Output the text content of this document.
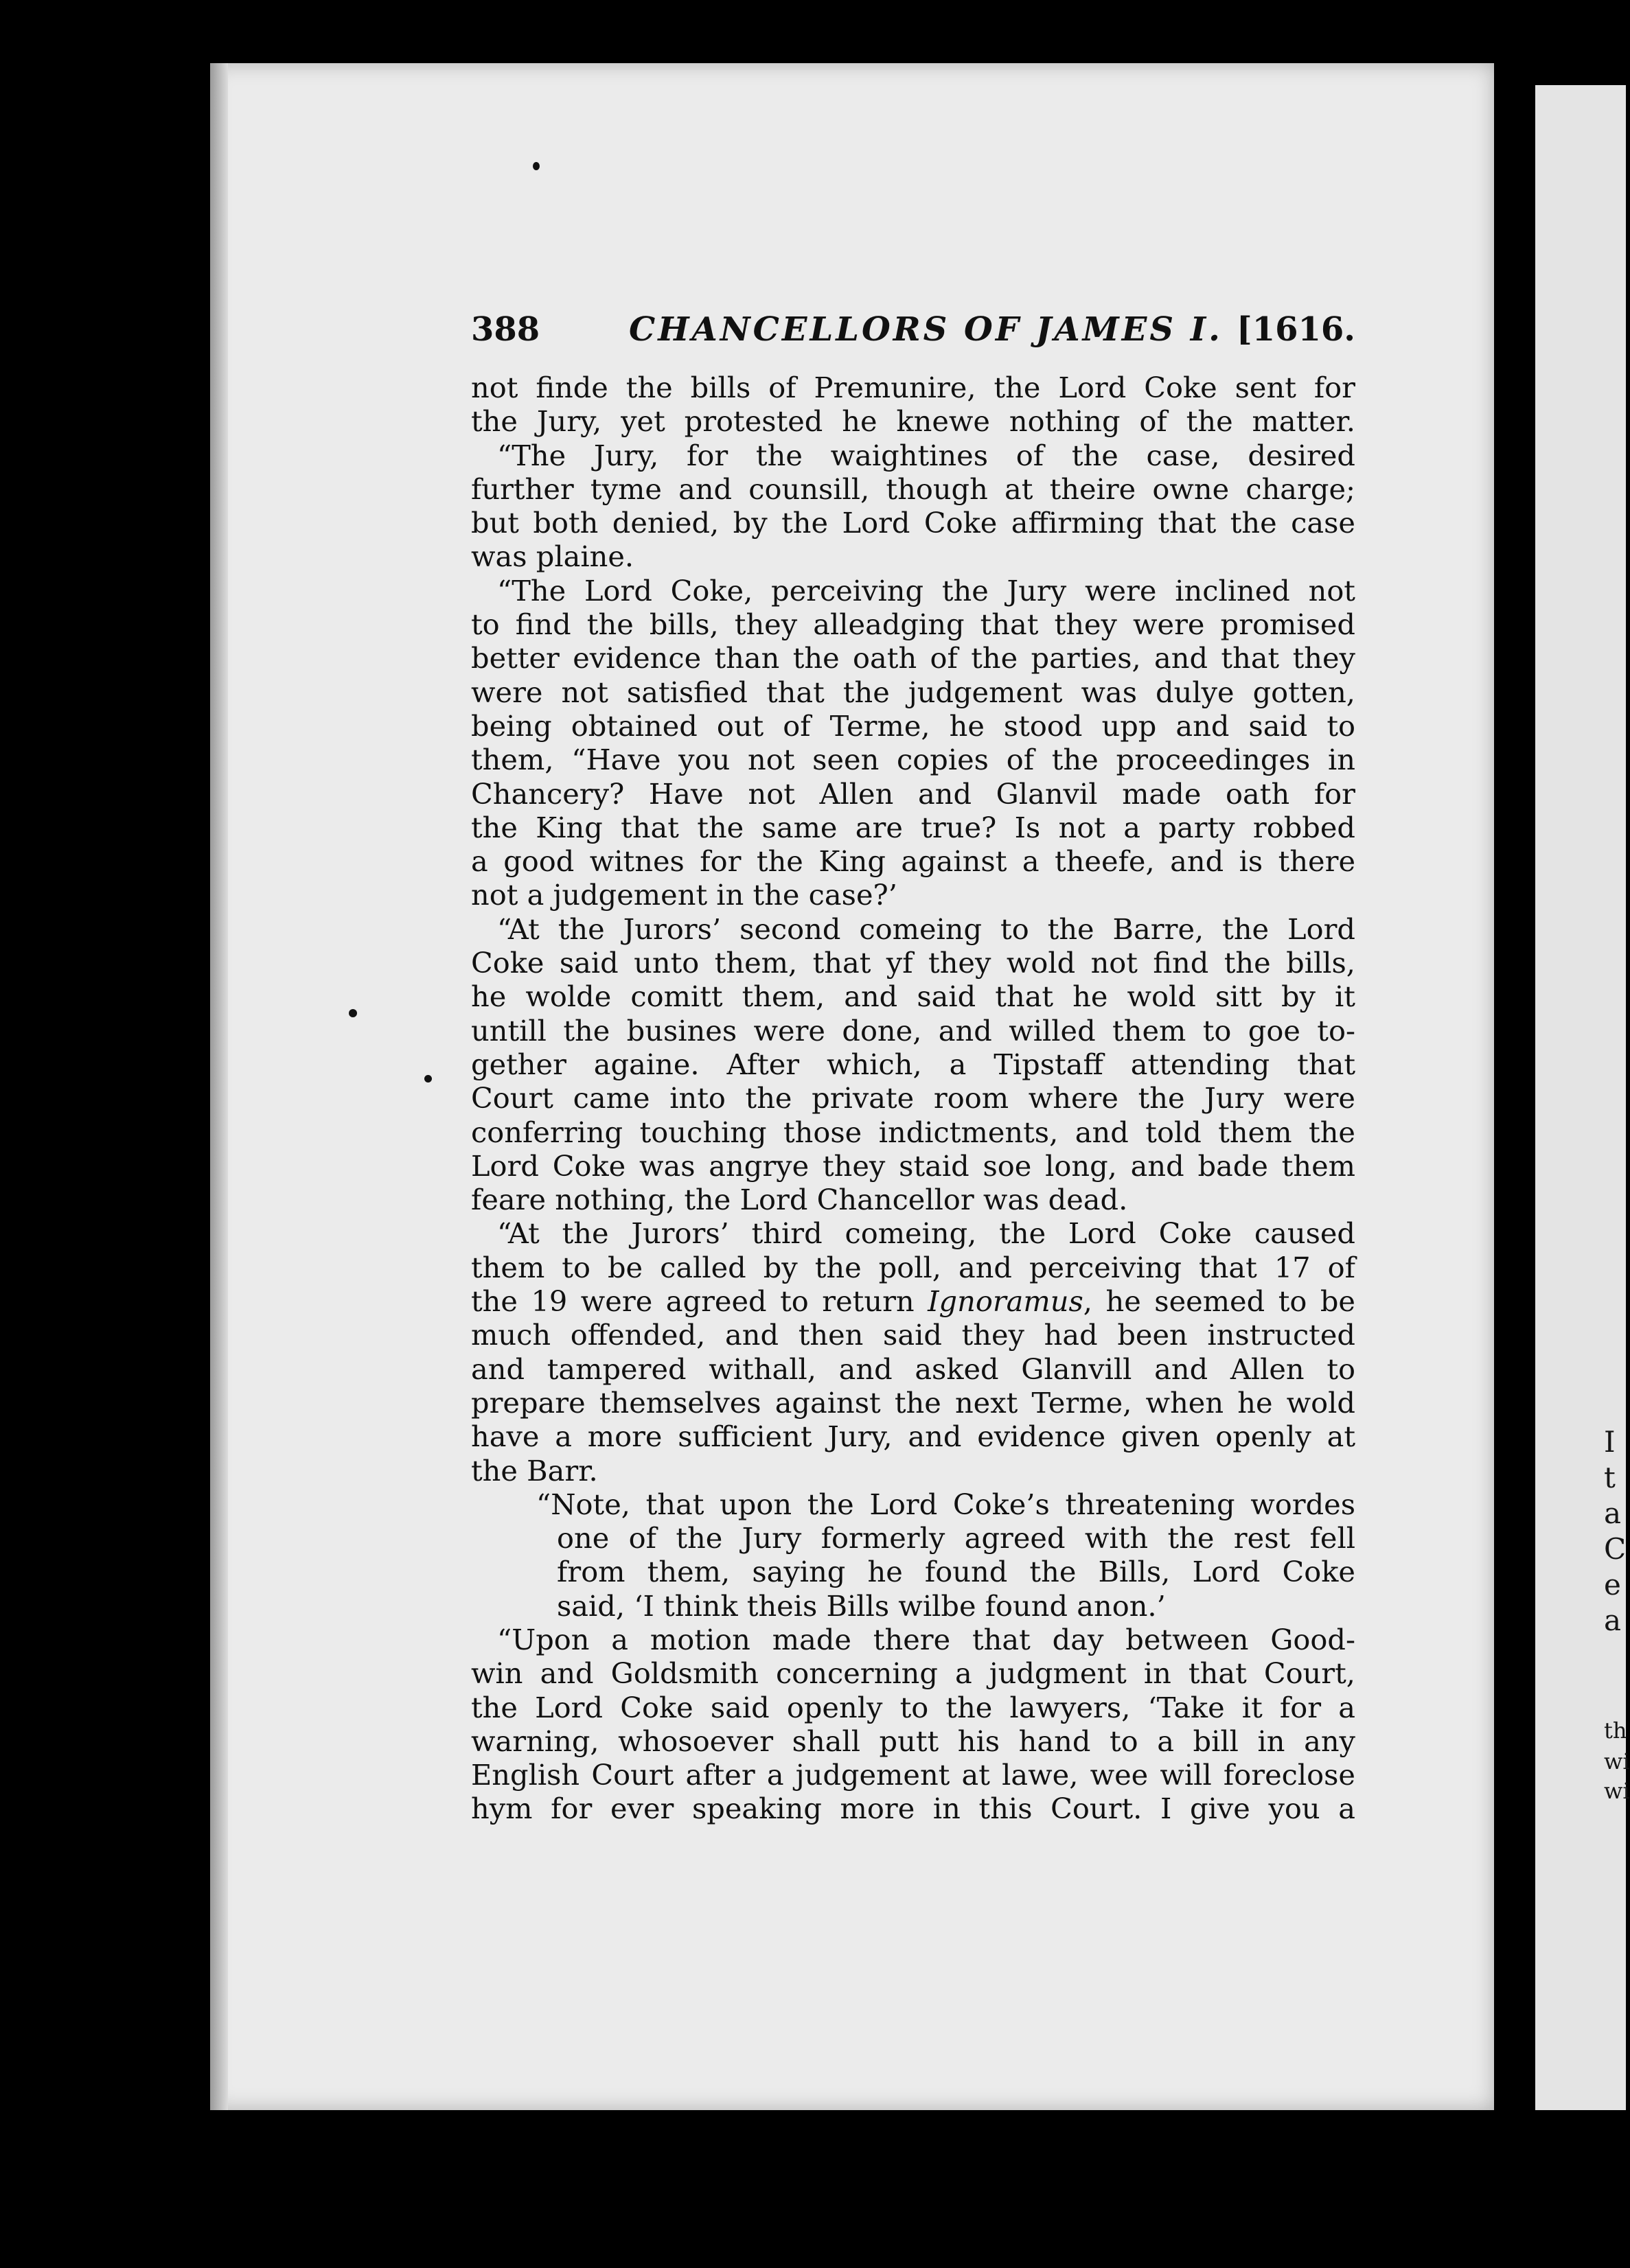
388	CHANCELLORS OF JAMES I. [1616.
not finde the bills of Premunire, the Lord Coke sent for
the Jury, yet protested he knewe nothing of the matter.
“The Jury, for the waightines of the case, desired
further tyme and counsill, though at theire owne charge;
but both denied, by the Lord Coke affirming that the case
was plaine.
“The Lord Coke, perceiving the Jury were inclined not
to find the bills, they alleadging that they were promised
better evidence than the oath of the parties, and that they
were not satisfied that the judgement was dulye gotten,
being obtained out of Terme, he stood upp and said to
them, “Have you not seen copies of the proceedinges in
Chancery? Have not Allen and Glanvil made oath for
the King that the same are true? Is not a party robbed
a good witnes for the King against a theefe, and is there
not a judgement in the case?’
“At the Jurors’ second comeing to the Barre, the Lord
Coke said unto them, that yf they wold not find the bills,
he wolde comitt them, and said that he wold sitt by it
untill the busines were done, and willed them to goe to-
gether againe. After which, a Tipstaff attending that
Court came into the private room where the Jury were
conferring touching those indictments, and told them the
Lord Coke was angrye they staid soe long, and bade them
feare nothing, the Lord Chancellor was dead.
“At the Jurors’ third comeing, the Lord Coke caused
them to be called by the poll, and perceiving that 17 of
the 19 were agreed to return Ignoramus, he seemed to be
much offended, and then said they had been instructed
and tampered withall, and asked Glanvill and Allen to
prepare themselves against the next Terme, when he wold
have a more sufficient Jury, and evidence given openly at
the Barr.
“Note, that upon the Lord Coke’s threatening wordes
one of the Jury formerly agreed with the rest fell
from them, saying he found the Bills, Lord Coke
said, ‘I think theis Bills wilbe found anon.’
“Upon a motion made there that day between Good-
win and Goldsmith concerning a judgment in that Court,
the Lord Coke said openly to the lawyers, ‘Take it for a
warning, whosoever shall putt his hand to a bill in any
English Court after a judgement at lawe, wee will foreclose
hym for ever speaking more in this Court. I give you a
I
t
a
C
e
a
th
wi
wi
